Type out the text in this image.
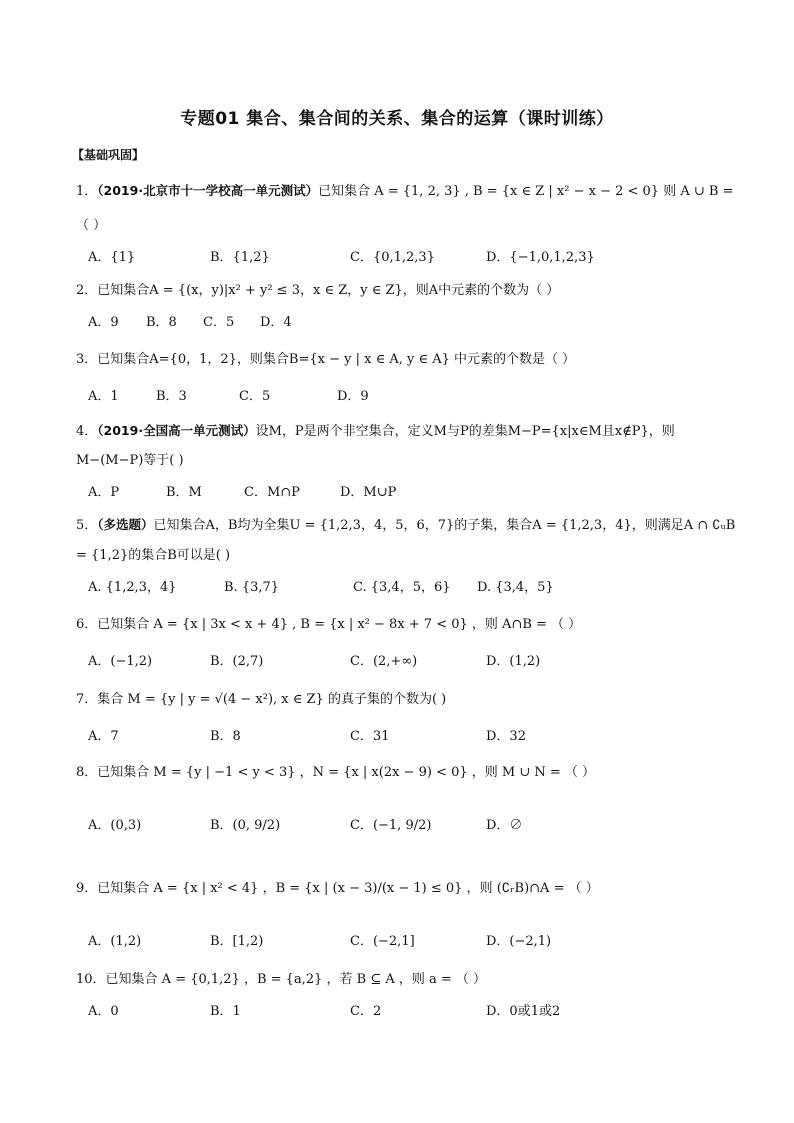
专题01 集合、集合间的关系、集合的运算（课时训练）
【基础巩固】
1．（2019·北京市十一学校高一单元测试）已知集合 A = {1, 2, 3} , B = {x ∈ Z | x² − x − 2 < 0} 则 A ∪ B =
（ ）
A．{1}	B．{1,2}	C．{0,1,2,3}	D．{−1,0,1,2,3}
2．已知集合A = {(x，y)|x² + y² ≤ 3，x ∈ Z，y ∈ Z}，则A中元素的个数为（ ）
A．9 B．8 C．5 D．4
3．已知集合A={0，1，2}，则集合B={x − y | x ∈ A, y ∈ A} 中元素的个数是（ ）
A．1	B．3	C．5	D．9
4．（2019·全国高一单元测试）设M，P是两个非空集合，定义M与P的差集M−P={x|x∈M且x∉P}，则
M−(M−P)等于( )
A．P	B．M	C．M∩P	D．M∪P
5．（多选题）已知集合A，B均为全集U = {1,2,3，4，5，6，7}的子集，集合A = {1,2,3，4}，则满足A ∩ ∁ᵤB
= {1,2}的集合B可以是( )
A. {1,2,3，4}	B. {3,7}	C. {3,4，5，6} D. {3,4，5}
6．已知集合 A = {x | 3x < x + 4} , B = {x | x² − 8x + 7 < 0} ，则 A∩B = （ ）
A．(−1,2)	B．(2,7)	C．(2,+∞)	D．(1,2)
7．集合 M = {y | y = √(4 − x²), x ∈ Z} 的真子集的个数为( )
A．7	B．8	C．31	D．32
8．已知集合 M = {y | −1 < y < 3} ，N = {x | x(2x − 9) < 0} ，则 M ∪ N = （ ）
A．(0,3)	B．(0, 9/2)	C．(−1, 9/2)	D．∅
9．已知集合 A = {x | x² < 4} ，B = {x | (x − 3)/(x − 1) ≤ 0} ，则 (∁ᵣB)∩A = （ ）
A．(1,2)	B．[1,2)	C．(−2,1]	D．(−2,1)
10．已知集合 A = {0,1,2} ，B = {a,2} ，若 B ⊆ A ，则 a = （ ）
A．0	B．1	C．2	D．0或1或2
